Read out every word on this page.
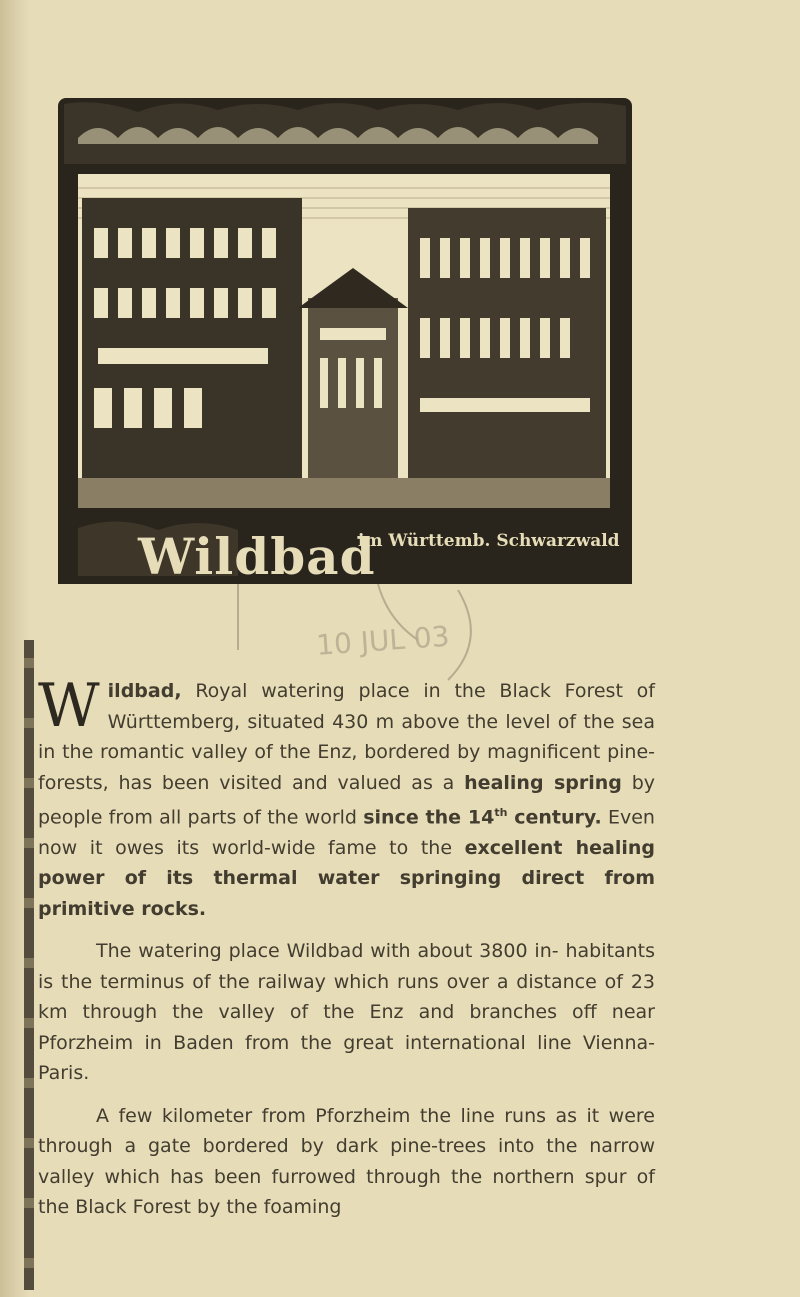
Wildbad
im Württemb. Schwarzwald
10 JUL 03

Wildbad, Royal watering place in the Black Forest of Württemberg, situated 430 m above the level of the sea in the romantic valley of the Enz, bordered by magnificent pine-forests, has been visited and valued as a healing spring by people from all parts of the world since the 14th century. Even now it owes its world-wide fame to the excellent healing power of its thermal water springing direct from primitive rocks.

The watering place Wildbad with about 3800 in- habitants is the terminus of the railway which runs over a distance of 23 km through the valley of the Enz and branches off near Pforzheim in Baden from the great international line Vienna-Paris.

A few kilometer from Pforzheim the line runs as it were through a gate bordered by dark pine-trees into the narrow valley which has been furrowed through the northern spur of the Black Forest by the foaming
